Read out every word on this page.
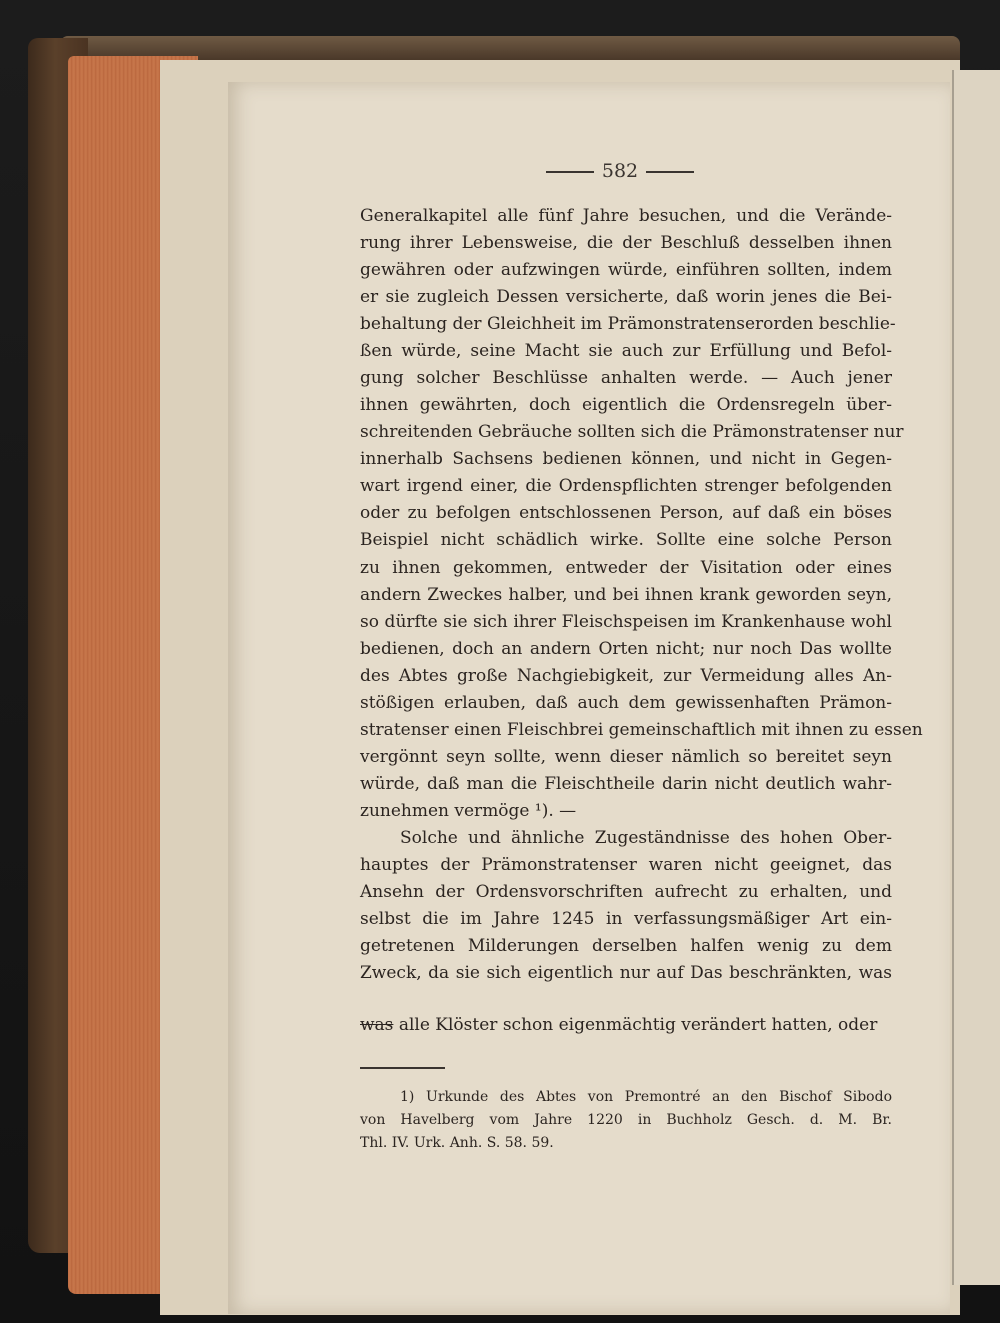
582
Generalkapitel alle fünf Jahre besuchen, und die Verände-
rung ihrer Lebensweise, die der Beschluß desselben ihnen
gewähren oder aufzwingen würde, einführen sollten, indem
er sie zugleich Dessen versicherte, daß worin jenes die Bei-
behaltung der Gleichheit im Prämonstratenserorden beschlie-
ßen würde, seine Macht sie auch zur Erfüllung und Befol-
gung solcher Beschlüsse anhalten werde. — Auch jener
ihnen gewährten, doch eigentlich die Ordensregeln über-
schreitenden Gebräuche sollten sich die Prämonstratenser nur
innerhalb Sachsens bedienen können, und nicht in Gegen-
wart irgend einer, die Ordenspflichten strenger befolgenden
oder zu befolgen entschlossenen Person, auf daß ein böses
Beispiel nicht schädlich wirke. Sollte eine solche Person
zu ihnen gekommen, entweder der Visitation oder eines
andern Zweckes halber, und bei ihnen krank geworden seyn,
so dürfte sie sich ihrer Fleischspeisen im Krankenhause wohl
bedienen, doch an andern Orten nicht; nur noch Das wollte
des Abtes große Nachgiebigkeit, zur Vermeidung alles An-
stößigen erlauben, daß auch dem gewissenhaften Prämon-
stratenser einen Fleischbrei gemeinschaftlich mit ihnen zu essen
vergönnt seyn sollte, wenn dieser nämlich so bereitet seyn
würde, daß man die Fleischtheile darin nicht deutlich wahr-
zunehmen vermöge ¹). —
Solche und ähnliche Zugeständnisse des hohen Ober-
hauptes der Prämonstratenser waren nicht geeignet, das
Ansehn der Ordensvorschriften aufrecht zu erhalten, und
selbst die im Jahre 1245 in verfassungsmäßiger Art ein-
getretenen Milderungen derselben halfen wenig zu dem
Zweck, da sie sich eigentlich nur auf Das beschränkten, was
was alle Klöster schon eigenmächtig verändert hatten, oder
1) Urkunde des Abtes von Premontré an den Bischof Sibodo
von Havelberg vom Jahre 1220 in Buchholz Gesch. d. M. Br.
Thl. IV. Urk. Anh. S. 58. 59.
